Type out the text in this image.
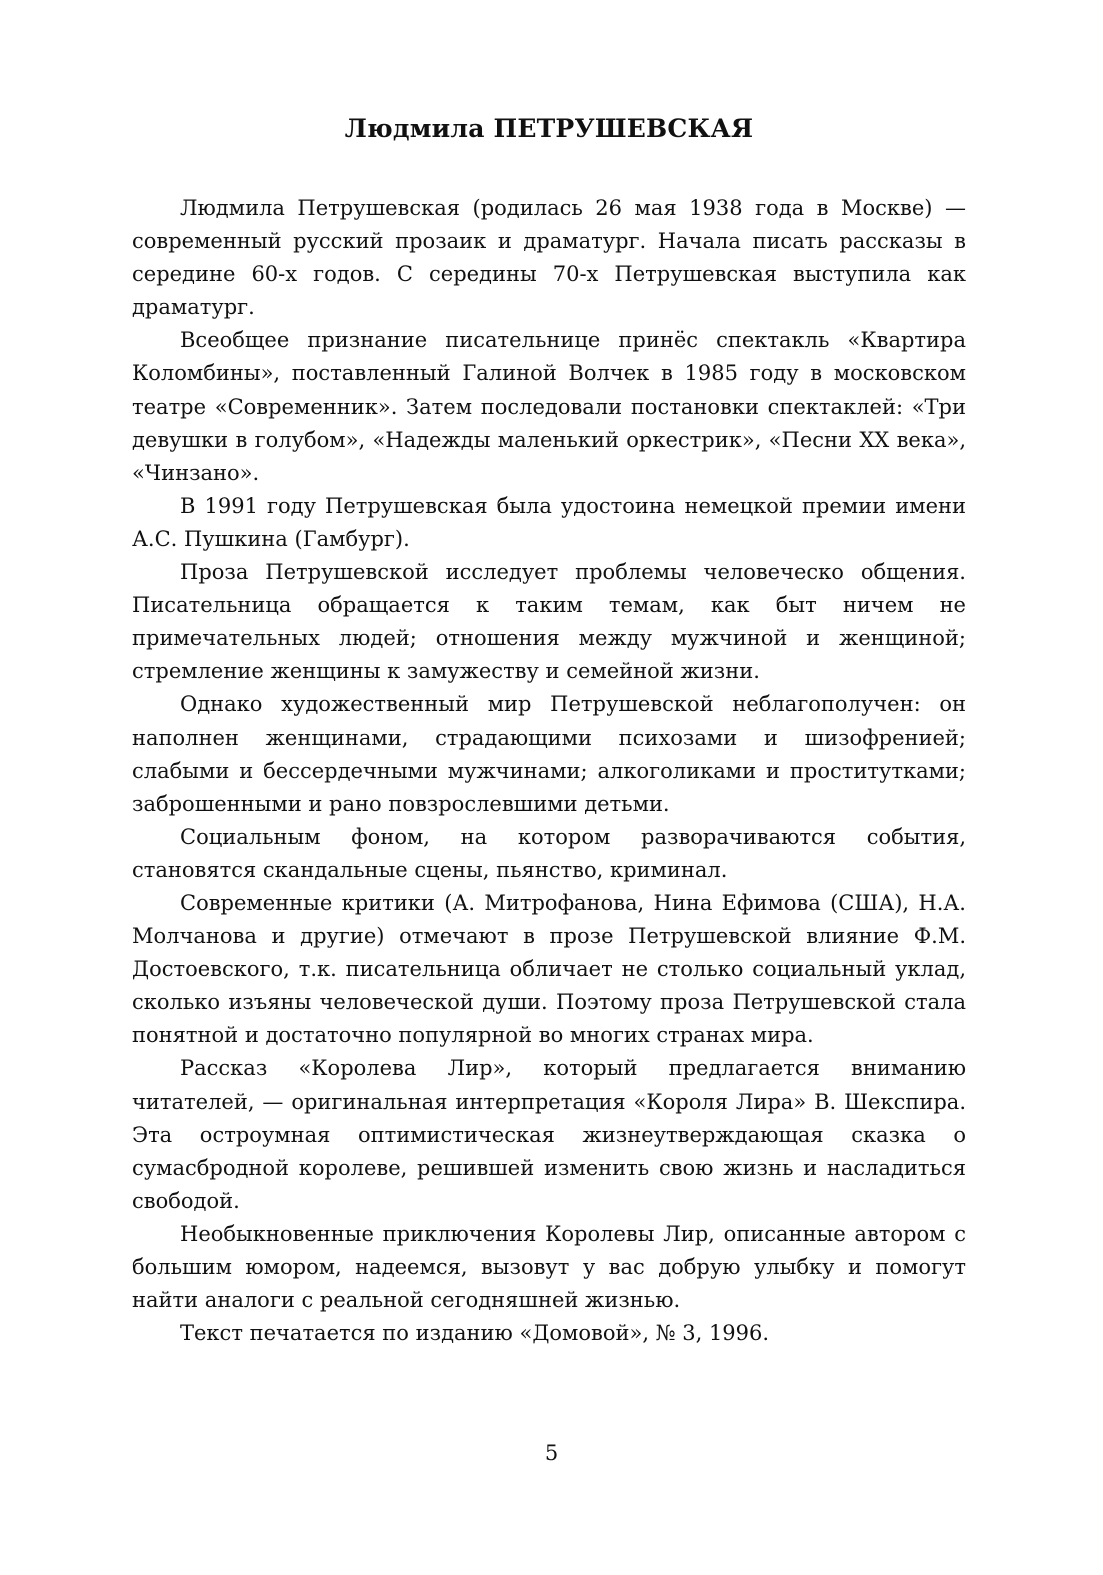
Людмила ПЕТРУШЕВСКАЯ

Людмила Петрушевская (родилась 26 мая 1938 года в Москве) — современный русский прозаик и драматург. Начала писать рассказы в середине 60-х годов. С середины 70-х Петрушевская выступила как драматург.

Всеобщее признание писательнице принёс спектакль «Квартира Коломбины», поставленный Галиной Волчек в 1985 году в московском театре «Современник». Затем последовали постановки спектаклей: «Три девушки в голубом», «Надежды маленький оркестрик», «Песни XX века», «Чинзано».

В 1991 году Петрушевская была удостоина немецкой премии имени А.С. Пушкина (Гамбург).

Проза Петрушевской исследует проблемы человеческо общения. Писательница обращается к таким темам, как быт ничем не примечательных людей; отношения между мужчиной и женщиной; стремление женщины к замужеству и семейной жизни.

Однако художественный мир Петрушевской неблагополучен: он наполнен женщинами, страдающими психозами и шизофренией; слабыми и бессердечными мужчинами; алкоголиками и проститутками; заброшенными и рано повзрослевшими детьми.

Социальным фоном, на котором разворачиваются события, становятся скандальные сцены, пьянство, криминал.

Современные критики (А. Митрофанова, Нина Ефимова (США), Н.А. Молчанова и другие) отмечают в прозе Петрушевской влияние Ф.М. Достоевского, т.к. писательница обличает не столько социальный уклад, сколько изъяны человеческой души. Поэтому проза Петрушевской стала понятной и достаточно популярной во многих странах мира.

Рассказ «Королева Лир», который предлагается вниманию читателей, — оригинальная интерпретация «Короля Лира» В. Шекспира. Эта остроумная оптимистическая жизнеутверждающая сказка о сумасбродной королеве, решившей изменить свою жизнь и насладиться свободой.

Необыкновенные приключения Королевы Лир, описанные автором с большим юмором, надеемся, вызовут у вас добрую улыбку и помогут найти аналоги с реальной сегодняшней жизнью.

Текст печатается по изданию «Домовой», № 3, 1996.

5
